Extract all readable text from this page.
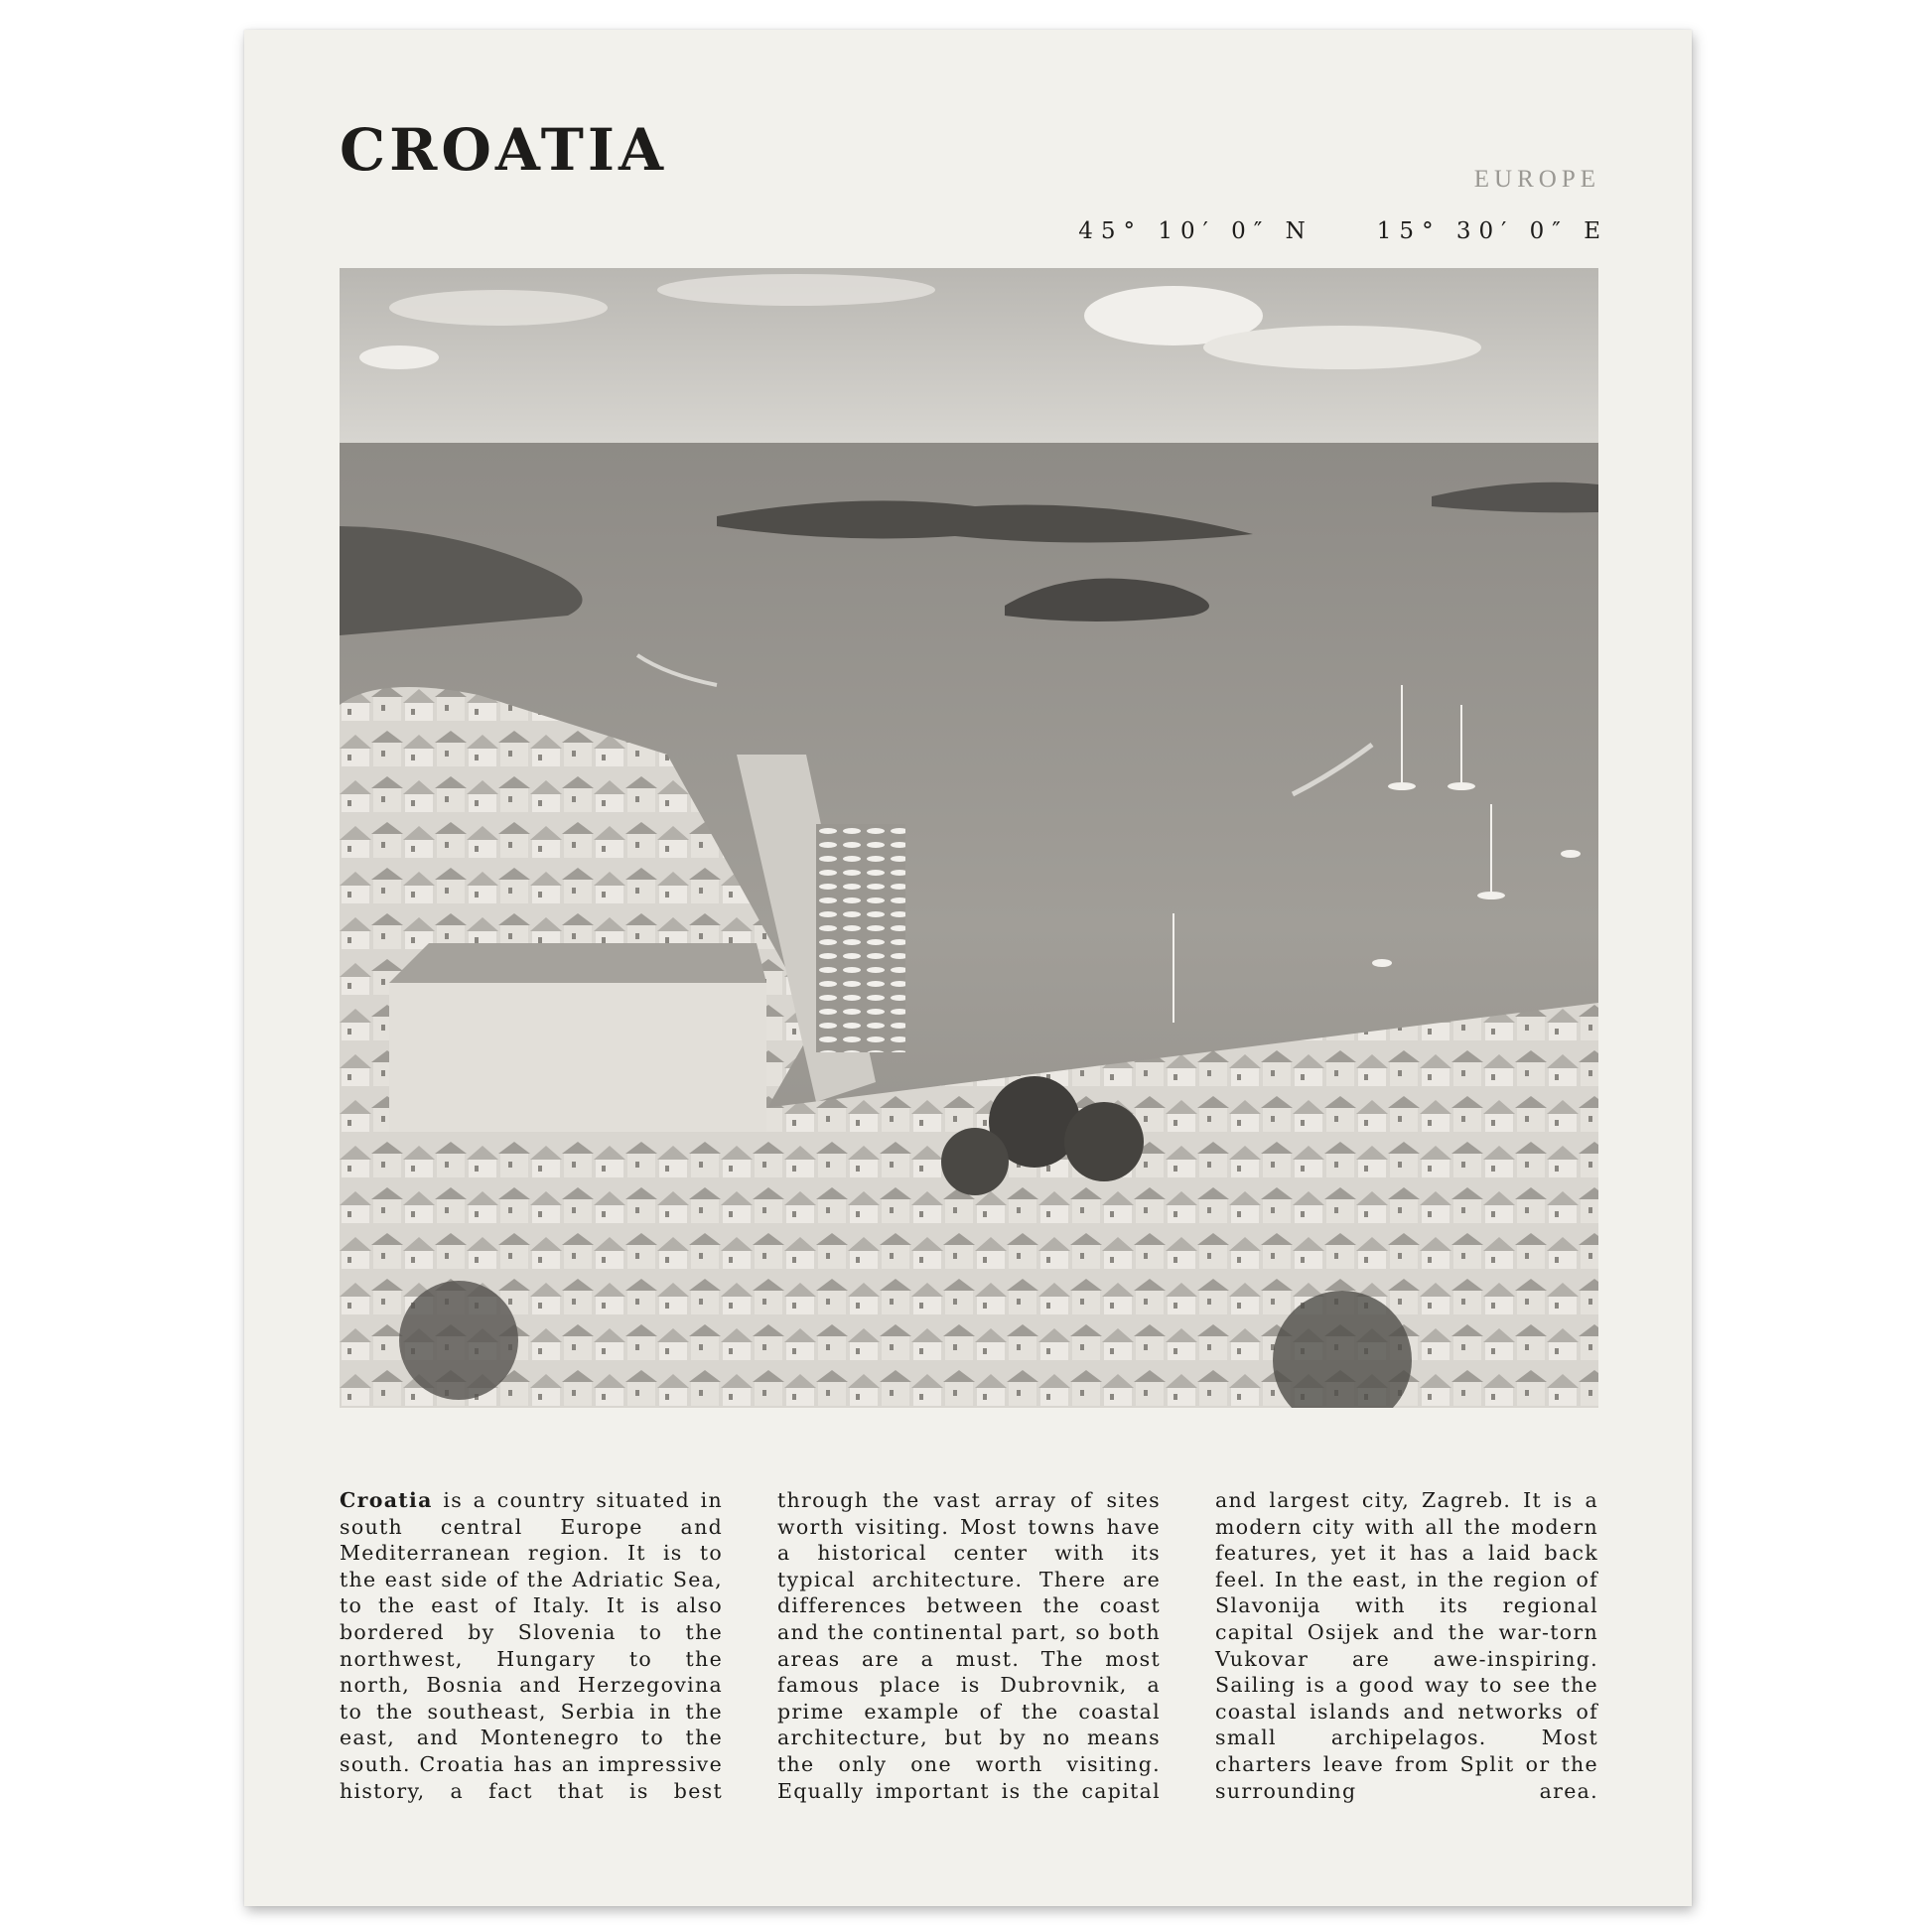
CROATIA	EUROPE
45° 10′ 0″ N	15° 30′ 0″ E

Croatia is a country situated in south central Europe and Mediterranean region. It is to the east side of the Adriatic Sea, to the east of Italy. It is also bordered by Slovenia to the northwest, Hungary to the north, Bosnia and Herzegovina to the southeast, Serbia in the east, and Montenegro to the south. Croatia has an impressive history, a fact that is best

through the vast array of sites worth visiting. Most towns have a historical center with its typical architecture. There are differences between the coast and the continental part, so both areas are a must. The most famous place is Dubrovnik, a prime example of the coastal architecture, but by no means the only one worth visiting. Equally important is the capital

and largest city, Zagreb. It is a modern city with all the modern features, yet it has a laid back feel. In the east, in the region of Slavonija with its regional capital Osijek and the war-torn Vukovar are awe-inspiring. Sailing is a good way to see the coastal islands and networks of small archipelagos. Most charters leave from Split or the surrounding area.
